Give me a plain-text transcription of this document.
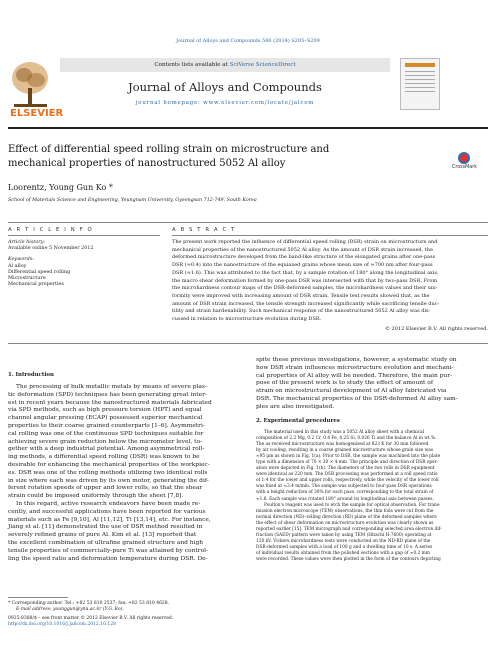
Journal of Alloys and Compounds 586 (2014) S205–S209
ELSEVIER
Contents lists available at SciVerse ScienceDirect
Journal of Alloys and Compounds
journal homepage: www.elsevier.com/locate/jalcom
Effect of differential speed rolling strain on microstructure and
mechanical properties of nanostructured 5052 Al alloy	CrossMark
Loorentz, Young Gun Ko *
School of Materials Science and Engineering, Yeungnam University, Gyeongsan 712-749, South Korea
A R T I C L E I N F O	A B S T R A C T
Article history:
Available online 5 November 2012
Keywords:
Al alloy
Differential speed rolling
Microstructure
Mechanical properties
The present work reported the influence of differential speed rolling (DSR) strain on microstructure and
mechanical properties of the nanostructured 5052 Al alloy. As the amount of DSR strain increased, the
deformed microstructure developed from the band-like structure of the elongated grains after one-pass
DSR (≈0.4) into the nanostructure of the equiaxed grains whose mean size of ≈700 nm after four-pass
DSR (≈1.6). This was attributed to the fact that, by a sample rotation of 180° along the longitudinal axis,
the macro shear deformation formed by one-pass DSR was intersected with that by two-pass DSR. From
the microhardness contour maps of the DSR-deformed samples, the microhardness values and their uni-
formity were improved with increasing amount of DSR strain. Tensile test results showed that, as the
amount of DSR strain increased, the tensile strength increased significantly while sacrificing tensile duc-
tility and strain hardenability. Such mechanical response of the nanostructured 5052 Al alloy was dis-
cussed in relation to microstructure evolution during DSR.
© 2012 Elsevier B.V. All rights reserved.
1. Introduction
The processing of bulk metallic metals by means of severe plas-
tic deformation (SPD) techniques has been generating great inter-
est in recent years because the nanostructured materials fabricated
via SPD methods, such as high pressure torsion (HPT) and equal
channel angular pressing (ECAP) possessed superior mechanical
properties to their coarse grained counterparts [1–6]. Asymmetri-
cal rolling was one of the continuous SPD techniques suitable for
achieving severe grain reduction below the micrometer level, to-
gether with a deep industrial potential. Among asymmetrical roll-
ing methods, a differential speed rolling (DSR) was known to be
desirable for enhancing the mechanical properties of the workpiec-
es. DSR was one of the rolling methods utilizing two identical rolls
in size where each was driven by its own motor, generating the dif-
ferent rotation speeds of upper and lower rolls, so that the shear
strain could be imposed uniformly through the sheet [7,8].
In this regard, active research endeavors have been made re-
cently, and successful applications have been reported for various
materials such as Fe [9,10], Al [11,12], Ti [13,14], etc. For instance,
Jiang et al. [11] demonstrated the use of DSR method resulted in
severely refined grains of pure Al. Kim et al. [13] reported that
the excellent combination of ultrafine grained structure and high
tensile properties of commercially-pure Ti was attained by control-
ling the speed ratio and deformation temperature during DSR. De-
spite these previous investigations, however, a systematic study on
how DSR strain influences microstructure evolution and mechani-
cal properties of Al alloy will be needed. Therefore, the main pur-
pose of the present work is to study the effect of amount of
strain on microstructural development of Al alloy fabricated via
DSR. The mechanical properties of the DSR-deformed Al alloy sam-
ples are also investigated.
2. Experimental procedures
The material used in this study was a 5052 Al alloy sheet with a chemical
composition of 2.2 Mg, 0.2 Cr, 0.4 Fe, 0.25 Si, 0.026 Ti and the balance Al in wt.%.
The as-received microstructure was homogenized at 823 K for 30 min followed
by air cooling, resulting in a coarse grained microstructure whose grain size was
≈95 μm as shown in Fig. 1(a). Prior to DSR, the sample was machined into the plate
type with a dimension of 70 × 30 × 4 mm. The principle and direction of DSR oper-
ation were depicted in Fig. 1(b). The diameters of the two rolls in DSR equipment
were identical as 220 mm. The DSR processing was performed at a roll speed ratio
of 1:4 for the lower and upper rolls, respectively, while the velocity of the lower roll
was fixed at ≈3.4 m/min. The sample was subjected to four-pass DSR operations
with a height reduction of 30% for each pass, corresponding to the total strain of
≈1.6. Each sample was rotated 180° around its longitudinal axis between passes.
Poulton's reagent was used to etch the sample for optical observation. For trans-
mission electron microscope (TEM) observations, the thin foils were cut from the
normal direction (ND)–rolling direction (RD) plane of the deformed samples where
the effect of shear deformation on microstructure evolution was clearly shown as
reported earlier [15]. TEM micrograph and corresponding selected area electron dif-
fraction (SAED) pattern were taken by using TEM (Hitachi H-7600) operating at
120 kV. Vickers microhardness tests were conducted on the ND-RD plane of the
DSR-deformed samples with a load of 100 g and a dwelling time of 10 s. A series
of individual results obtained from the polished sections with a gap of ≈0.2 mm
were recorded. These values were then plotted in the form of the contours depicting
* Corresponding author. Tel.: +82 53 810 2537; fax: +82 53 810 4628.
E-mail address: younggun@ynu.ac.kr (Y.G. Ko).
0925-8388/$ – see front matter © 2012 Elsevier B.V. All rights reserved.
http://dx.doi.org/10.1016/j.jallcom.2012.10.128
